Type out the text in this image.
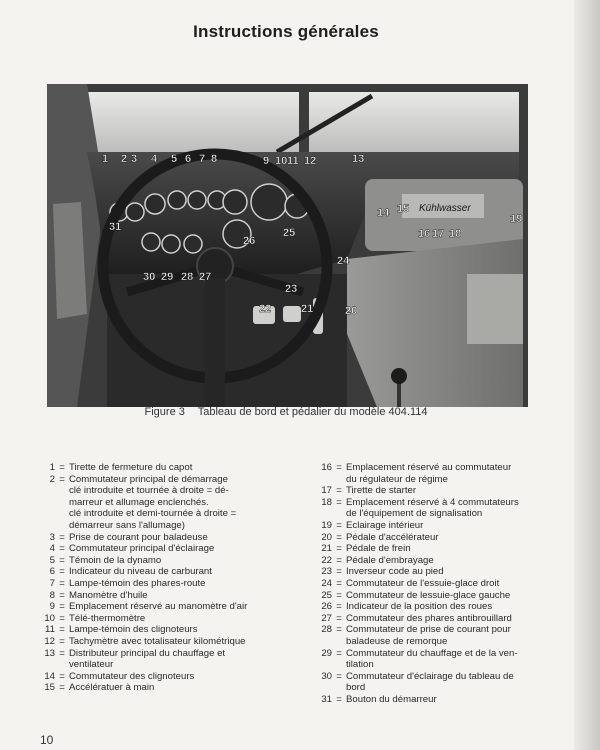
Instructions générales
Kühlwasser
1 2 3 4 5 6 7 8	9 10 11 12	13
14 15
16 17 18
19
20
21
22
23
24
25
26
27
28
29
30
31
Figure 3 Tableau de bord et pédalier du modèle 404.114
1 = Tirette de fermeture du capot
2 = Commutateur principal de démarrage
clé introduite et tournée à droite = dé-
marreur et allumage enclenchés.
clé introduite et demi-tournée à droite =
démarreur sans l'allumage)
3 = Prise de courant pour baladeuse
4 = Commutateur principal d'éclairage
5 = Témoin de la dynamo
6 = Indicateur du niveau de carburant
7 = Lampe-témoin des phares-route
8 = Manomètre d'huile
9 = Emplacement réservé au manomètre d'air
10 = Télé-thermomètre
11 = Lampe-témoin des clignoteurs
12 = Tachymètre avec totalisateur kilométrique
13 = Distributeur principal du chauffage et
ventilateur
14 = Commutateur des clignoteurs
15 = Accélératuer à main
16 = Emplacement réservé au commutateur
du régulateur de régime
17 = Tirette de starter
18 = Emplacement réservé à 4 commutateurs
de l'équipement de signalisation
19 = Eclairage intérieur
20 = Pédale d'accélérateur
21 = Pédale de frein
22 = Pédale d'embrayage
23 = Inverseur code au pied
24 = Commutateur de l'essuie-glace droit
25 = Commutateur de lessuie-glace gauche
26 = Indicateur de la position des roues
27 = Commutateur des phares antibrouillard
28 = Commutateur de prise de courant pour
baladeuse de remorque
29 = Commutateur du chauffage et de la ven-
tilation
30 = Commutateur d'éclairage du tableau de
bord
31 = Bouton du démarreur
10
